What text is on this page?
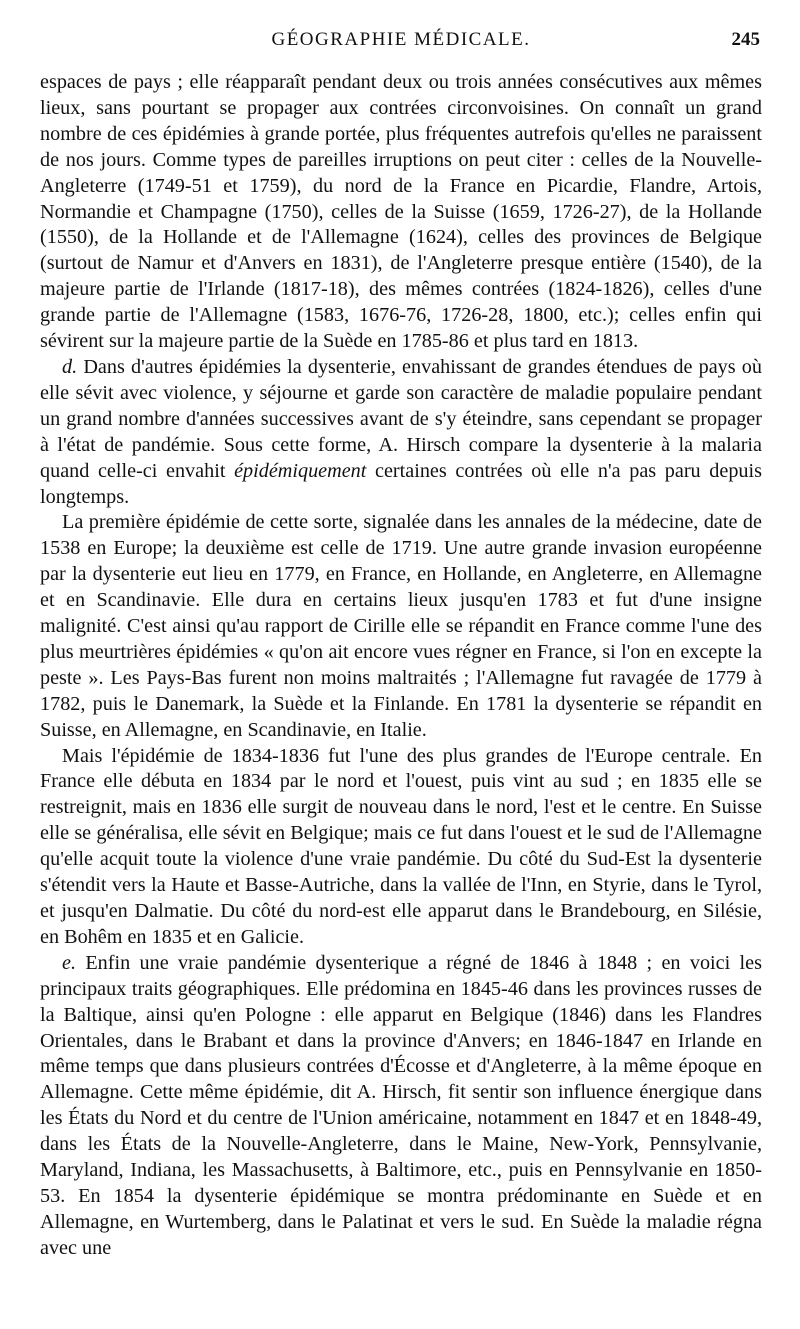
GÉOGRAPHIE MÉDICALE.	245

espaces de pays ; elle réapparaît pendant deux ou trois années consécutives aux mêmes lieux, sans pourtant se propager aux contrées circonvoisines. On connaît un grand nombre de ces épidémies à grande portée, plus fréquentes autrefois qu'elles ne paraissent de nos jours. Comme types de pareilles irruptions on peut citer : celles de la Nouvelle-Angleterre (1749-51 et 1759), du nord de la France en Picardie, Flandre, Artois, Normandie et Champagne (1750), celles de la Suisse (1659, 1726-27), de la Hollande (1550), de la Hollande et de l'Allemagne (1624), celles des provinces de Belgique (surtout de Namur et d'Anvers en 1831), de l'Angleterre presque entière (1540), de la majeure partie de l'Irlande (1817-18), des mêmes contrées (1824-1826), celles d'une grande partie de l'Allemagne (1583, 1676-76, 1726-28, 1800, etc.); celles enfin qui sévirent sur la majeure partie de la Suède en 1785-86 et plus tard en 1813.

d. Dans d'autres épidémies la dysenterie, envahissant de grandes étendues de pays où elle sévit avec violence, y séjourne et garde son caractère de maladie populaire pendant un grand nombre d'années successives avant de s'y éteindre, sans cependant se propager à l'état de pandémie. Sous cette forme, A. Hirsch compare la dysenterie à la malaria quand celle-ci envahit épidémiquement certaines contrées où elle n'a pas paru depuis longtemps.

La première épidémie de cette sorte, signalée dans les annales de la médecine, date de 1538 en Europe; la deuxième est celle de 1719. Une autre grande invasion européenne par la dysenterie eut lieu en 1779, en France, en Hollande, en Angleterre, en Allemagne et en Scandinavie. Elle dura en certains lieux jusqu'en 1783 et fut d'une insigne malignité. C'est ainsi qu'au rapport de Cirille elle se répandit en France comme l'une des plus meurtrières épidémies « qu'on ait encore vues régner en France, si l'on en excepte la peste ». Les Pays-Bas furent non moins maltraités ; l'Allemagne fut ravagée de 1779 à 1782, puis le Danemark, la Suède et la Finlande. En 1781 la dysenterie se répandit en Suisse, en Allemagne, en Scandinavie, en Italie.

Mais l'épidémie de 1834-1836 fut l'une des plus grandes de l'Europe centrale. En France elle débuta en 1834 par le nord et l'ouest, puis vint au sud ; en 1835 elle se restreignit, mais en 1836 elle surgit de nouveau dans le nord, l'est et le centre. En Suisse elle se généralisa, elle sévit en Belgique; mais ce fut dans l'ouest et le sud de l'Allemagne qu'elle acquit toute la violence d'une vraie pandémie. Du côté du Sud-Est la dysenterie s'étendit vers la Haute et Basse-Autriche, dans la vallée de l'Inn, en Styrie, dans le Tyrol, et jusqu'en Dalmatie. Du côté du nord-est elle apparut dans le Brandebourg, en Silésie, en Bohêm en 1835 et en Galicie.

e. Enfin une vraie pandémie dysenterique a régné de 1846 à 1848 ; en voici les principaux traits géographiques. Elle prédomina en 1845-46 dans les provinces russes de la Baltique, ainsi qu'en Pologne : elle apparut en Belgique (1846) dans les Flandres Orientales, dans le Brabant et dans la province d'Anvers; en 1846-1847 en Irlande en même temps que dans plusieurs contrées d'Écosse et d'Angleterre, à la même époque en Allemagne. Cette même épidémie, dit A. Hirsch, fit sentir son influence énergique dans les États du Nord et du centre de l'Union américaine, notamment en 1847 et en 1848-49, dans les États de la Nouvelle-Angleterre, dans le Maine, New-York, Pennsylvanie, Maryland, Indiana, les Massachusetts, à Baltimore, etc., puis en Pennsylvanie en 1850-53. En 1854 la dysenterie épidémique se montra prédominante en Suède et en Allemagne, en Wurtemberg, dans le Palatinat et vers le sud. En Suède la maladie régna avec une
